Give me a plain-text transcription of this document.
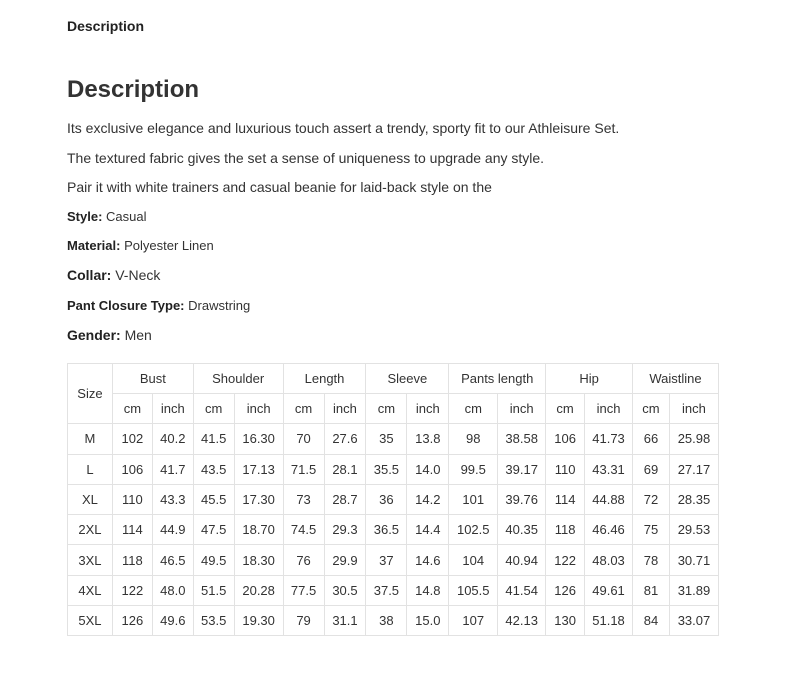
Description
Description

Its exclusive elegance and luxurious touch assert a trendy, sporty fit to our Athleisure Set.

The textured fabric gives the set a sense of uniqueness to upgrade any style.

Pair it with white trainers and casual beanie for laid-back style on the

Style: Casual

Material: Polyester Linen

Collar: V-Neck

Pant Closure Type: Drawstring

Gender: Men

Size	Bust		Shoulder		Length		Sleeve		Pants length		Hip		Waistline	
	cm	inch	cm	inch	cm	inch	cm	inch	cm	inch	cm	inch	cm	inch
M	102	40.2	41.5	16.30	70	27.6	35	13.8	98	38.58	106	41.73	66	25.98
L	106	41.7	43.5	17.13	71.5	28.1	35.5	14.0	99.5	39.17	110	43.31	69	27.17
XL	110	43.3	45.5	17.30	73	28.7	36	14.2	101	39.76	114	44.88	72	28.35
2XL	114	44.9	47.5	18.70	74.5	29.3	36.5	14.4	102.5	40.35	118	46.46	75	29.53
3XL	118	46.5	49.5	18.30	76	29.9	37	14.6	104	40.94	122	48.03	78	30.71
4XL	122	48.0	51.5	20.28	77.5	30.5	37.5	14.8	105.5	41.54	126	49.61	81	31.89
5XL	126	49.6	53.5	19.30	79	31.1	38	15.0	107	42.13	130	51.18	84	33.07
